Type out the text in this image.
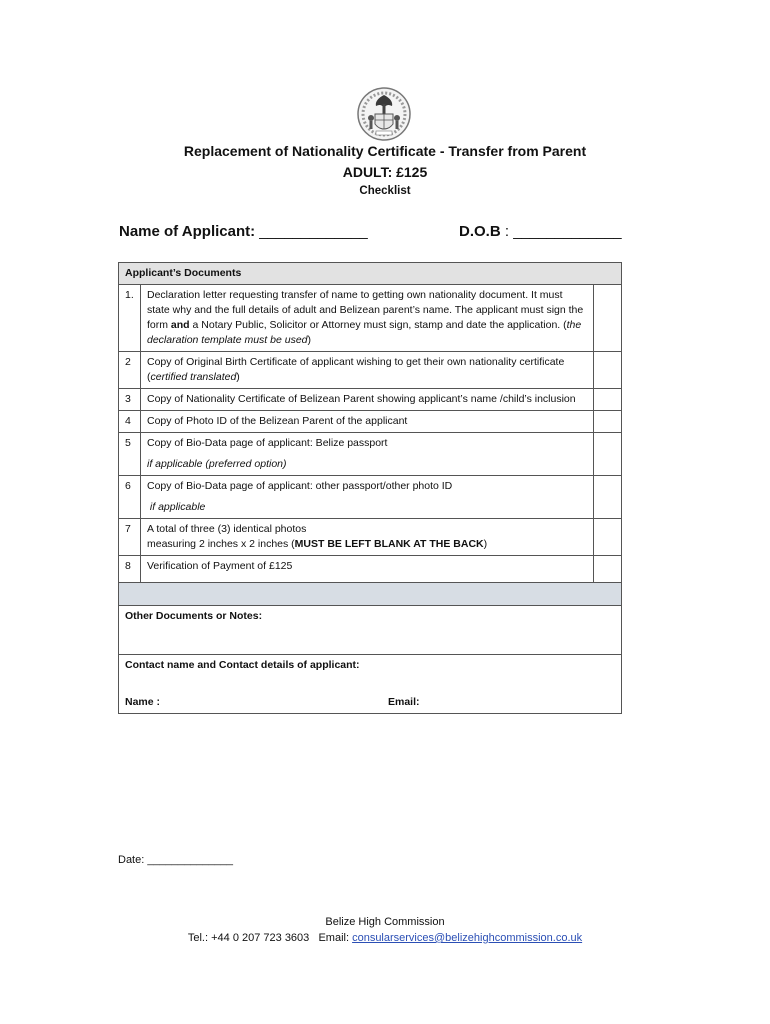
Replacement of Nationality Certificate - Transfer from Parent
ADULT: £125
Checklist
Name of Applicant: _____________	D.O.B : _____________
Applicant’s Documents		
1.	Declaration letter requesting transfer of name to getting own nationality document. It must state why and the full details of adult and Belizean parent’s name. The applicant must sign the form and a Notary Public, Solicitor or Attorney must sign, stamp and date the application. (the declaration template must be used)	
2	Copy of Original Birth Certificate of applicant wishing to get their own nationality certificate
(certified translated)	
3	Copy of Nationality Certificate of Belizean Parent showing applicant’s name /child’s inclusion	
4	Copy of Photo ID of the Belizean Parent of the applicant	
5	Copy of Bio-Data page of applicant: Belize passport
if applicable (preferred option)	

6	Copy of Bio-Data page of applicant: other passport/other photo ID
if applicable	

7	A total of three (3) identical photos
measuring 2 inches x 2 inches (MUST BE LEFT BLANK AT THE BACK)	

8	Verification of Payment of £125	

Other Documents or Notes:		

Contact name and Contact details of applicant:
Name : Email:		
Date: ______________
Belize High Commission
Tel.: +44 0 207 723 3603   Email: consularservices@belizehighcommission.co.uk
